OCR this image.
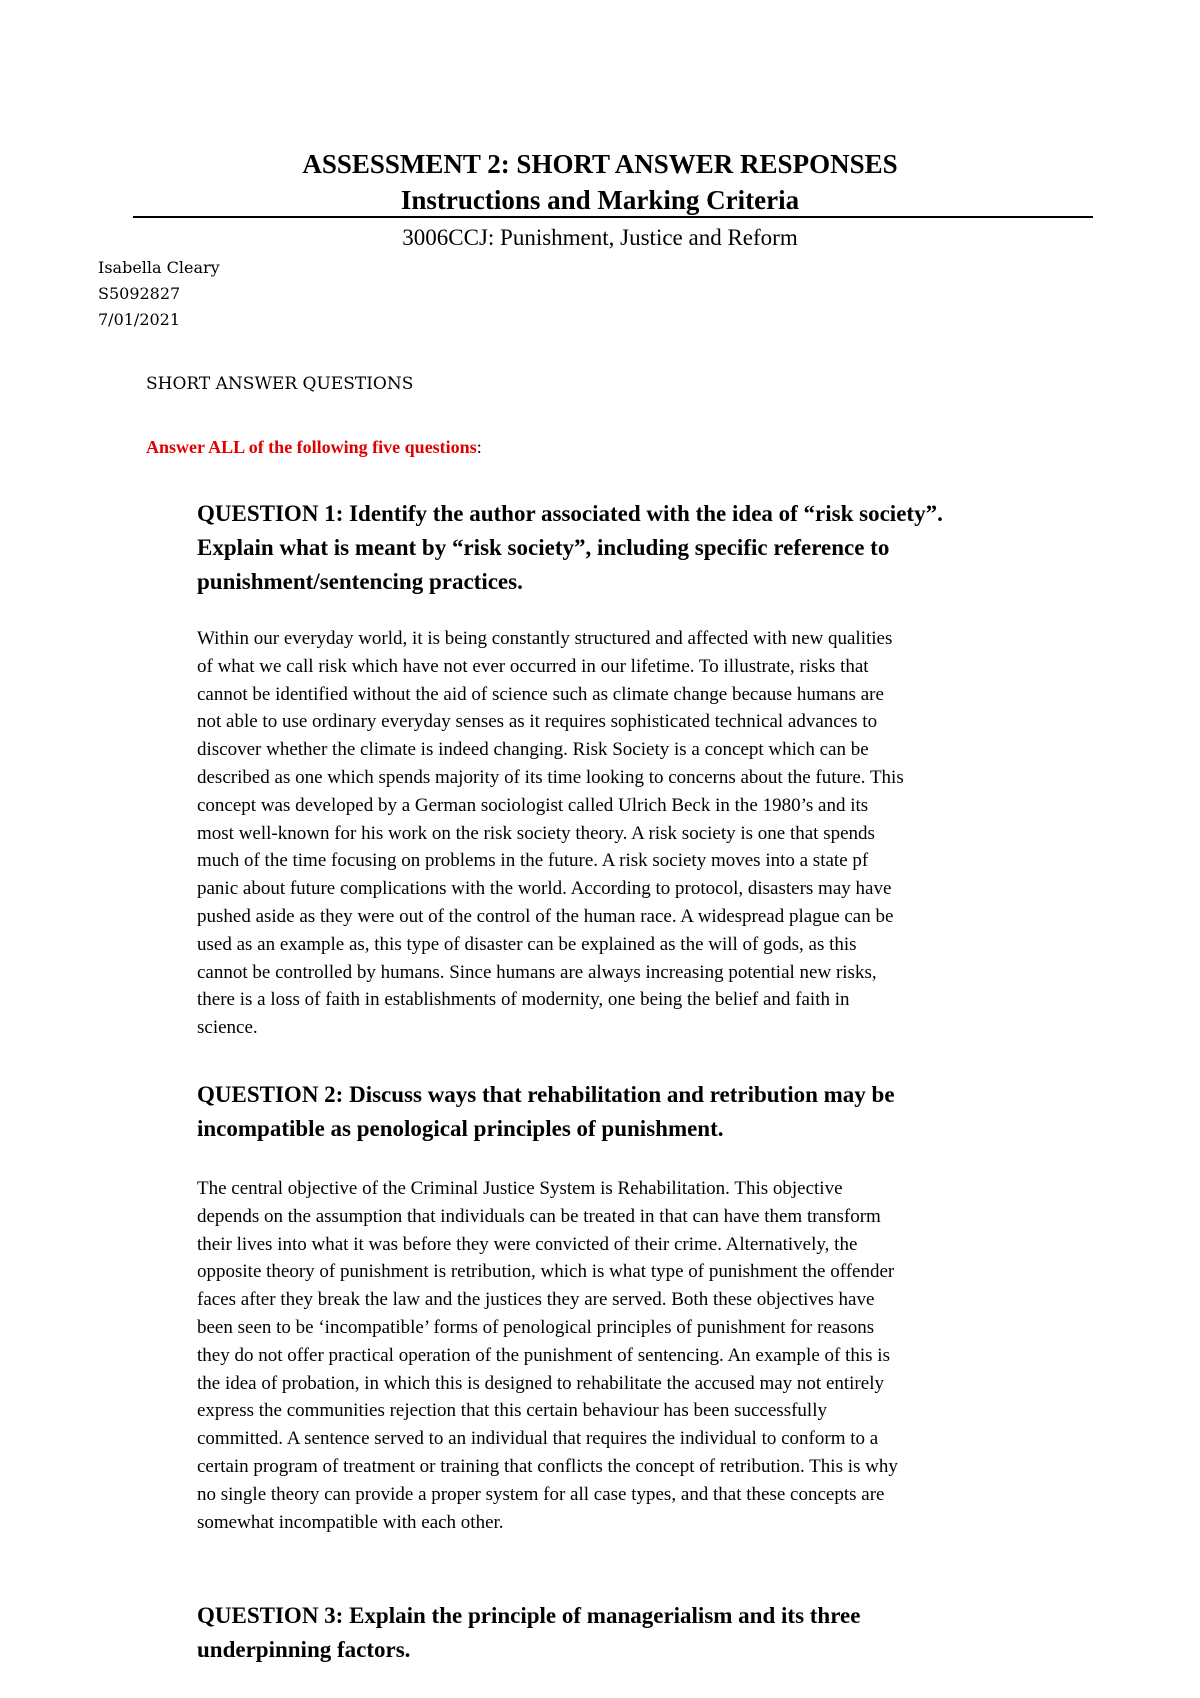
ASSESSMENT 2: SHORT ANSWER RESPONSES
Instructions and Marking Criteria
3006CCJ: Punishment, Justice and Reform
Isabella Cleary
S5092827
7/01/2021
SHORT ANSWER QUESTIONS
Answer ALL of the following five questions:
QUESTION 1: Identify the author associated with the idea of “risk society”.
Explain what is meant by “risk society”, including specific reference to
punishment/sentencing practices.
Within our everyday world, it is being constantly structured and affected with new qualities
of what we call risk which have not ever occurred in our lifetime. To illustrate, risks that
cannot be identified without the aid of science such as climate change because humans are
not able to use ordinary everyday senses as it requires sophisticated technical advances to
discover whether the climate is indeed changing. Risk Society is a concept which can be
described as one which spends majority of its time looking to concerns about the future. This
concept was developed by a German sociologist called Ulrich Beck in the 1980’s and its
most well-known for his work on the risk society theory. A risk society is one that spends
much of the time focusing on problems in the future. A risk society moves into a state pf
panic about future complications with the world. According to protocol, disasters may have
pushed aside as they were out of the control of the human race. A widespread plague can be
used as an example as, this type of disaster can be explained as the will of gods, as this
cannot be controlled by humans. Since humans are always increasing potential new risks,
there is a loss of faith in establishments of modernity, one being the belief and faith in
science.
QUESTION 2: Discuss ways that rehabilitation and retribution may be
incompatible as penological principles of punishment.
The central objective of the Criminal Justice System is Rehabilitation. This objective
depends on the assumption that individuals can be treated in that can have them transform
their lives into what it was before they were convicted of their crime. Alternatively, the
opposite theory of punishment is retribution, which is what type of punishment the offender
faces after they break the law and the justices they are served. Both these objectives have
been seen to be ‘incompatible’ forms of penological principles of punishment for reasons
they do not offer practical operation of the punishment of sentencing. An example of this is
the idea of probation, in which this is designed to rehabilitate the accused may not entirely
express the communities rejection that this certain behaviour has been successfully
committed. A sentence served to an individual that requires the individual to conform to a
certain program of treatment or training that conflicts the concept of retribution. This is why
no single theory can provide a proper system for all case types, and that these concepts are
somewhat incompatible with each other.
QUESTION 3: Explain the principle of managerialism and its three
underpinning factors.
